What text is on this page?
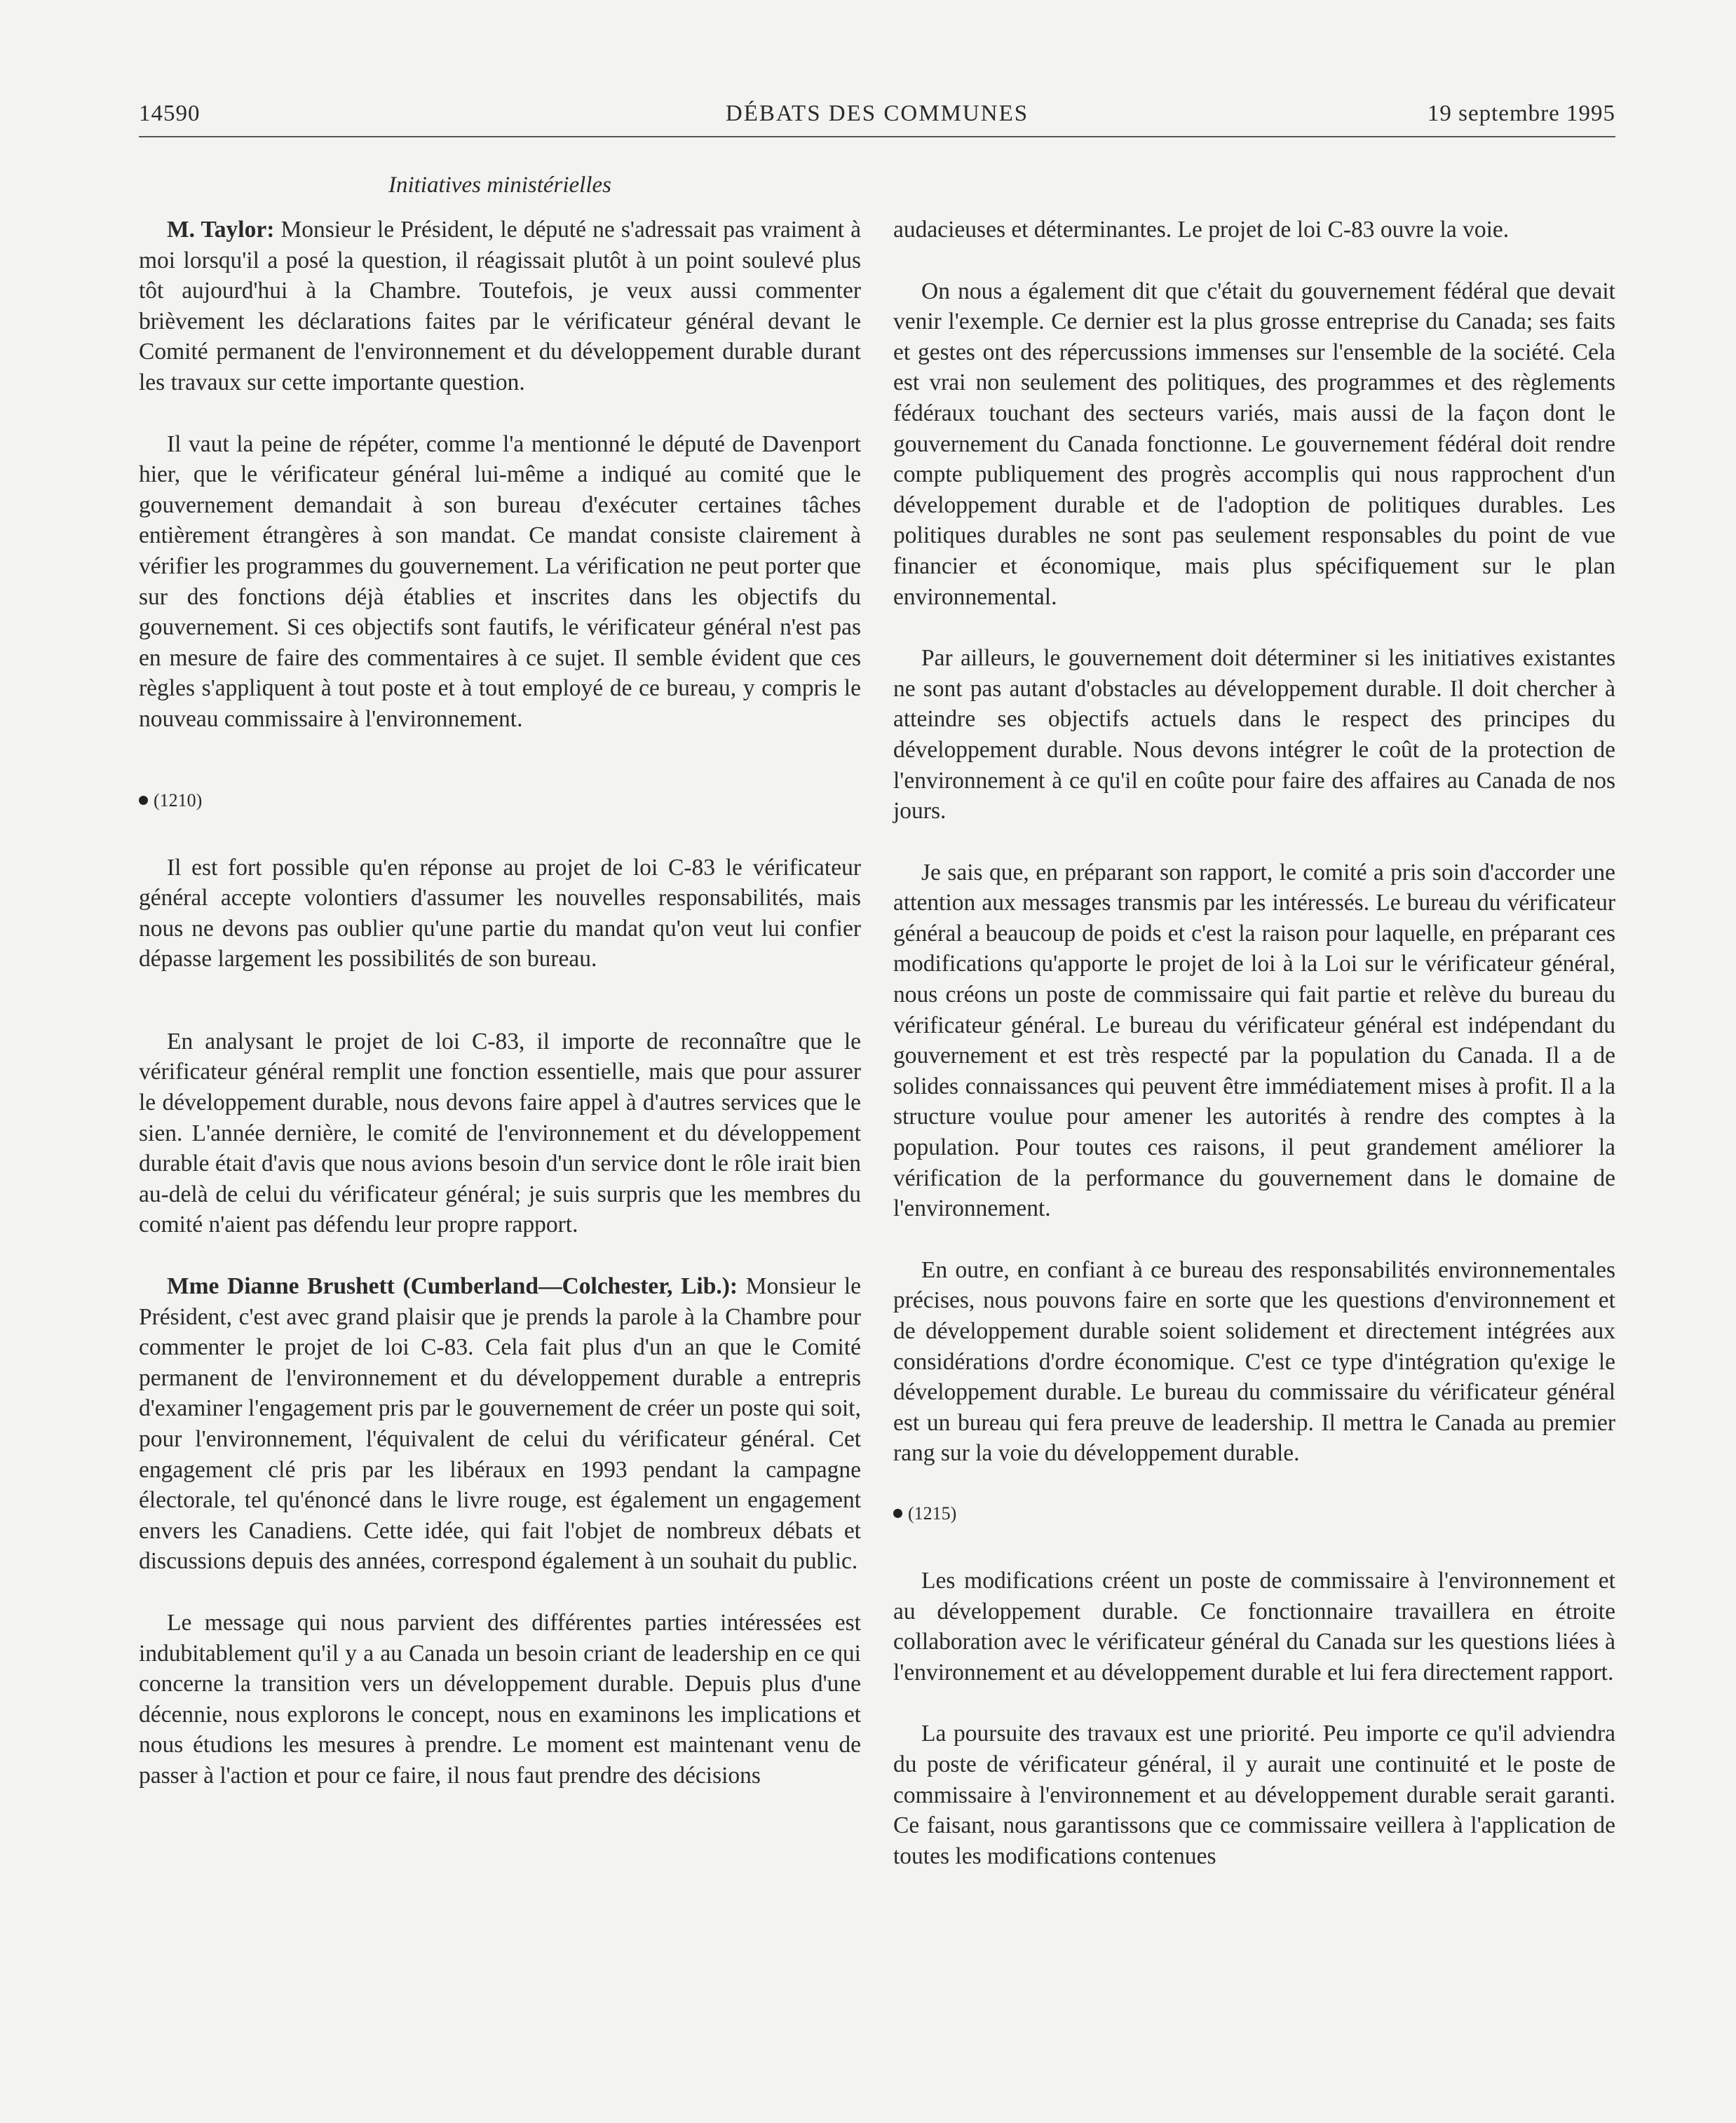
14590	DÉBATS DES COMMUNES	19 septembre 1995
Initiatives ministérielles

M. Taylor: Monsieur le Président, le député ne s'adressait pas vraiment à moi lorsqu'il a posé la question, il réagissait plutôt à un point soulevé plus tôt aujourd'hui à la Chambre. Toutefois, je veux aussi commenter brièvement les déclarations faites par le vérificateur général devant le Comité permanent de l'environnement et du développement durable durant les travaux sur cette importante question.

Il vaut la peine de répéter, comme l'a mentionné le député de Davenport hier, que le vérificateur général lui-même a indiqué au comité que le gouvernement demandait à son bureau d'exécuter certaines tâches entièrement étrangères à son mandat. Ce mandat consiste clairement à vérifier les programmes du gouvernement. La vérification ne peut porter que sur des fonctions déjà établies et inscrites dans les objectifs du gouvernement. Si ces objectifs sont fautifs, le vérificateur général n'est pas en mesure de faire des commentaires à ce sujet. Il semble évident que ces règles s'appliquent à tout poste et à tout employé de ce bureau, y compris le nouveau commissaire à l'environnement.

(1210)

Il est fort possible qu'en réponse au projet de loi C-83 le vérificateur général accepte volontiers d'assumer les nouvelles responsabilités, mais nous ne devons pas oublier qu'une partie du mandat qu'on veut lui confier dépasse largement les possibilités de son bureau.

En analysant le projet de loi C-83, il importe de reconnaître que le vérificateur général remplit une fonction essentielle, mais que pour assurer le développement durable, nous devons faire appel à d'autres services que le sien. L'année dernière, le comité de l'environnement et du développement durable était d'avis que nous avions besoin d'un service dont le rôle irait bien au-delà de celui du vérificateur général; je suis surpris que les membres du comité n'aient pas défendu leur propre rapport.

Mme Dianne Brushett (Cumberland—Colchester, Lib.): Monsieur le Président, c'est avec grand plaisir que je prends la parole à la Chambre pour commenter le projet de loi C-83. Cela fait plus d'un an que le Comité permanent de l'environnement et du développement durable a entrepris d'examiner l'engagement pris par le gouvernement de créer un poste qui soit, pour l'environnement, l'équivalent de celui du vérificateur général. Cet engagement clé pris par les libéraux en 1993 pendant la campagne électorale, tel qu'énoncé dans le livre rouge, est également un engagement envers les Canadiens. Cette idée, qui fait l'objet de nombreux débats et discussions depuis des années, correspond également à un souhait du public.

Le message qui nous parvient des différentes parties intéressées est indubitablement qu'il y a au Canada un besoin criant de leadership en ce qui concerne la transition vers un développement durable. Depuis plus d'une décennie, nous explorons le concept, nous en examinons les implications et nous étudions les mesures à prendre. Le moment est maintenant venu de passer à l'action et pour ce faire, il nous faut prendre des décisions

audacieuses et déterminantes. Le projet de loi C-83 ouvre la voie.

On nous a également dit que c'était du gouvernement fédéral que devait venir l'exemple. Ce dernier est la plus grosse entreprise du Canada; ses faits et gestes ont des répercussions immenses sur l'ensemble de la société. Cela est vrai non seulement des politiques, des programmes et des règlements fédéraux touchant des secteurs variés, mais aussi de la façon dont le gouvernement du Canada fonctionne. Le gouvernement fédéral doit rendre compte publiquement des progrès accomplis qui nous rapprochent d'un développement durable et de l'adoption de politiques durables. Les politiques durables ne sont pas seulement responsables du point de vue financier et économique, mais plus spécifiquement sur le plan environnemental.

Par ailleurs, le gouvernement doit déterminer si les initiatives existantes ne sont pas autant d'obstacles au développement durable. Il doit chercher à atteindre ses objectifs actuels dans le respect des principes du développement durable. Nous devons intégrer le coût de la protection de l'environnement à ce qu'il en coûte pour faire des affaires au Canada de nos jours.

Je sais que, en préparant son rapport, le comité a pris soin d'accorder une attention aux messages transmis par les intéressés. Le bureau du vérificateur général a beaucoup de poids et c'est la raison pour laquelle, en préparant ces modifications qu'apporte le projet de loi à la Loi sur le vérificateur général, nous créons un poste de commissaire qui fait partie et relève du bureau du vérificateur général. Le bureau du vérificateur général est indépendant du gouvernement et est très respecté par la population du Canada. Il a de solides connaissances qui peuvent être immédiatement mises à profit. Il a la structure voulue pour amener les autorités à rendre des comptes à la population. Pour toutes ces raisons, il peut grandement améliorer la vérification de la performance du gouvernement dans le domaine de l'environnement.

En outre, en confiant à ce bureau des responsabilités environnementales précises, nous pouvons faire en sorte que les questions d'environnement et de développement durable soient solidement et directement intégrées aux considérations d'ordre économique. C'est ce type d'intégration qu'exige le développement durable. Le bureau du commissaire du vérificateur général est un bureau qui fera preuve de leadership. Il mettra le Canada au premier rang sur la voie du développement durable.

(1215)

Les modifications créent un poste de commissaire à l'environnement et au développement durable. Ce fonctionnaire travaillera en étroite collaboration avec le vérificateur général du Canada sur les questions liées à l'environnement et au développement durable et lui fera directement rapport.

La poursuite des travaux est une priorité. Peu importe ce qu'il adviendra du poste de vérificateur général, il y aurait une continuité et le poste de commissaire à l'environnement et au développement durable serait garanti. Ce faisant, nous garantissons que ce commissaire veillera à l'application de toutes les modifications contenues
